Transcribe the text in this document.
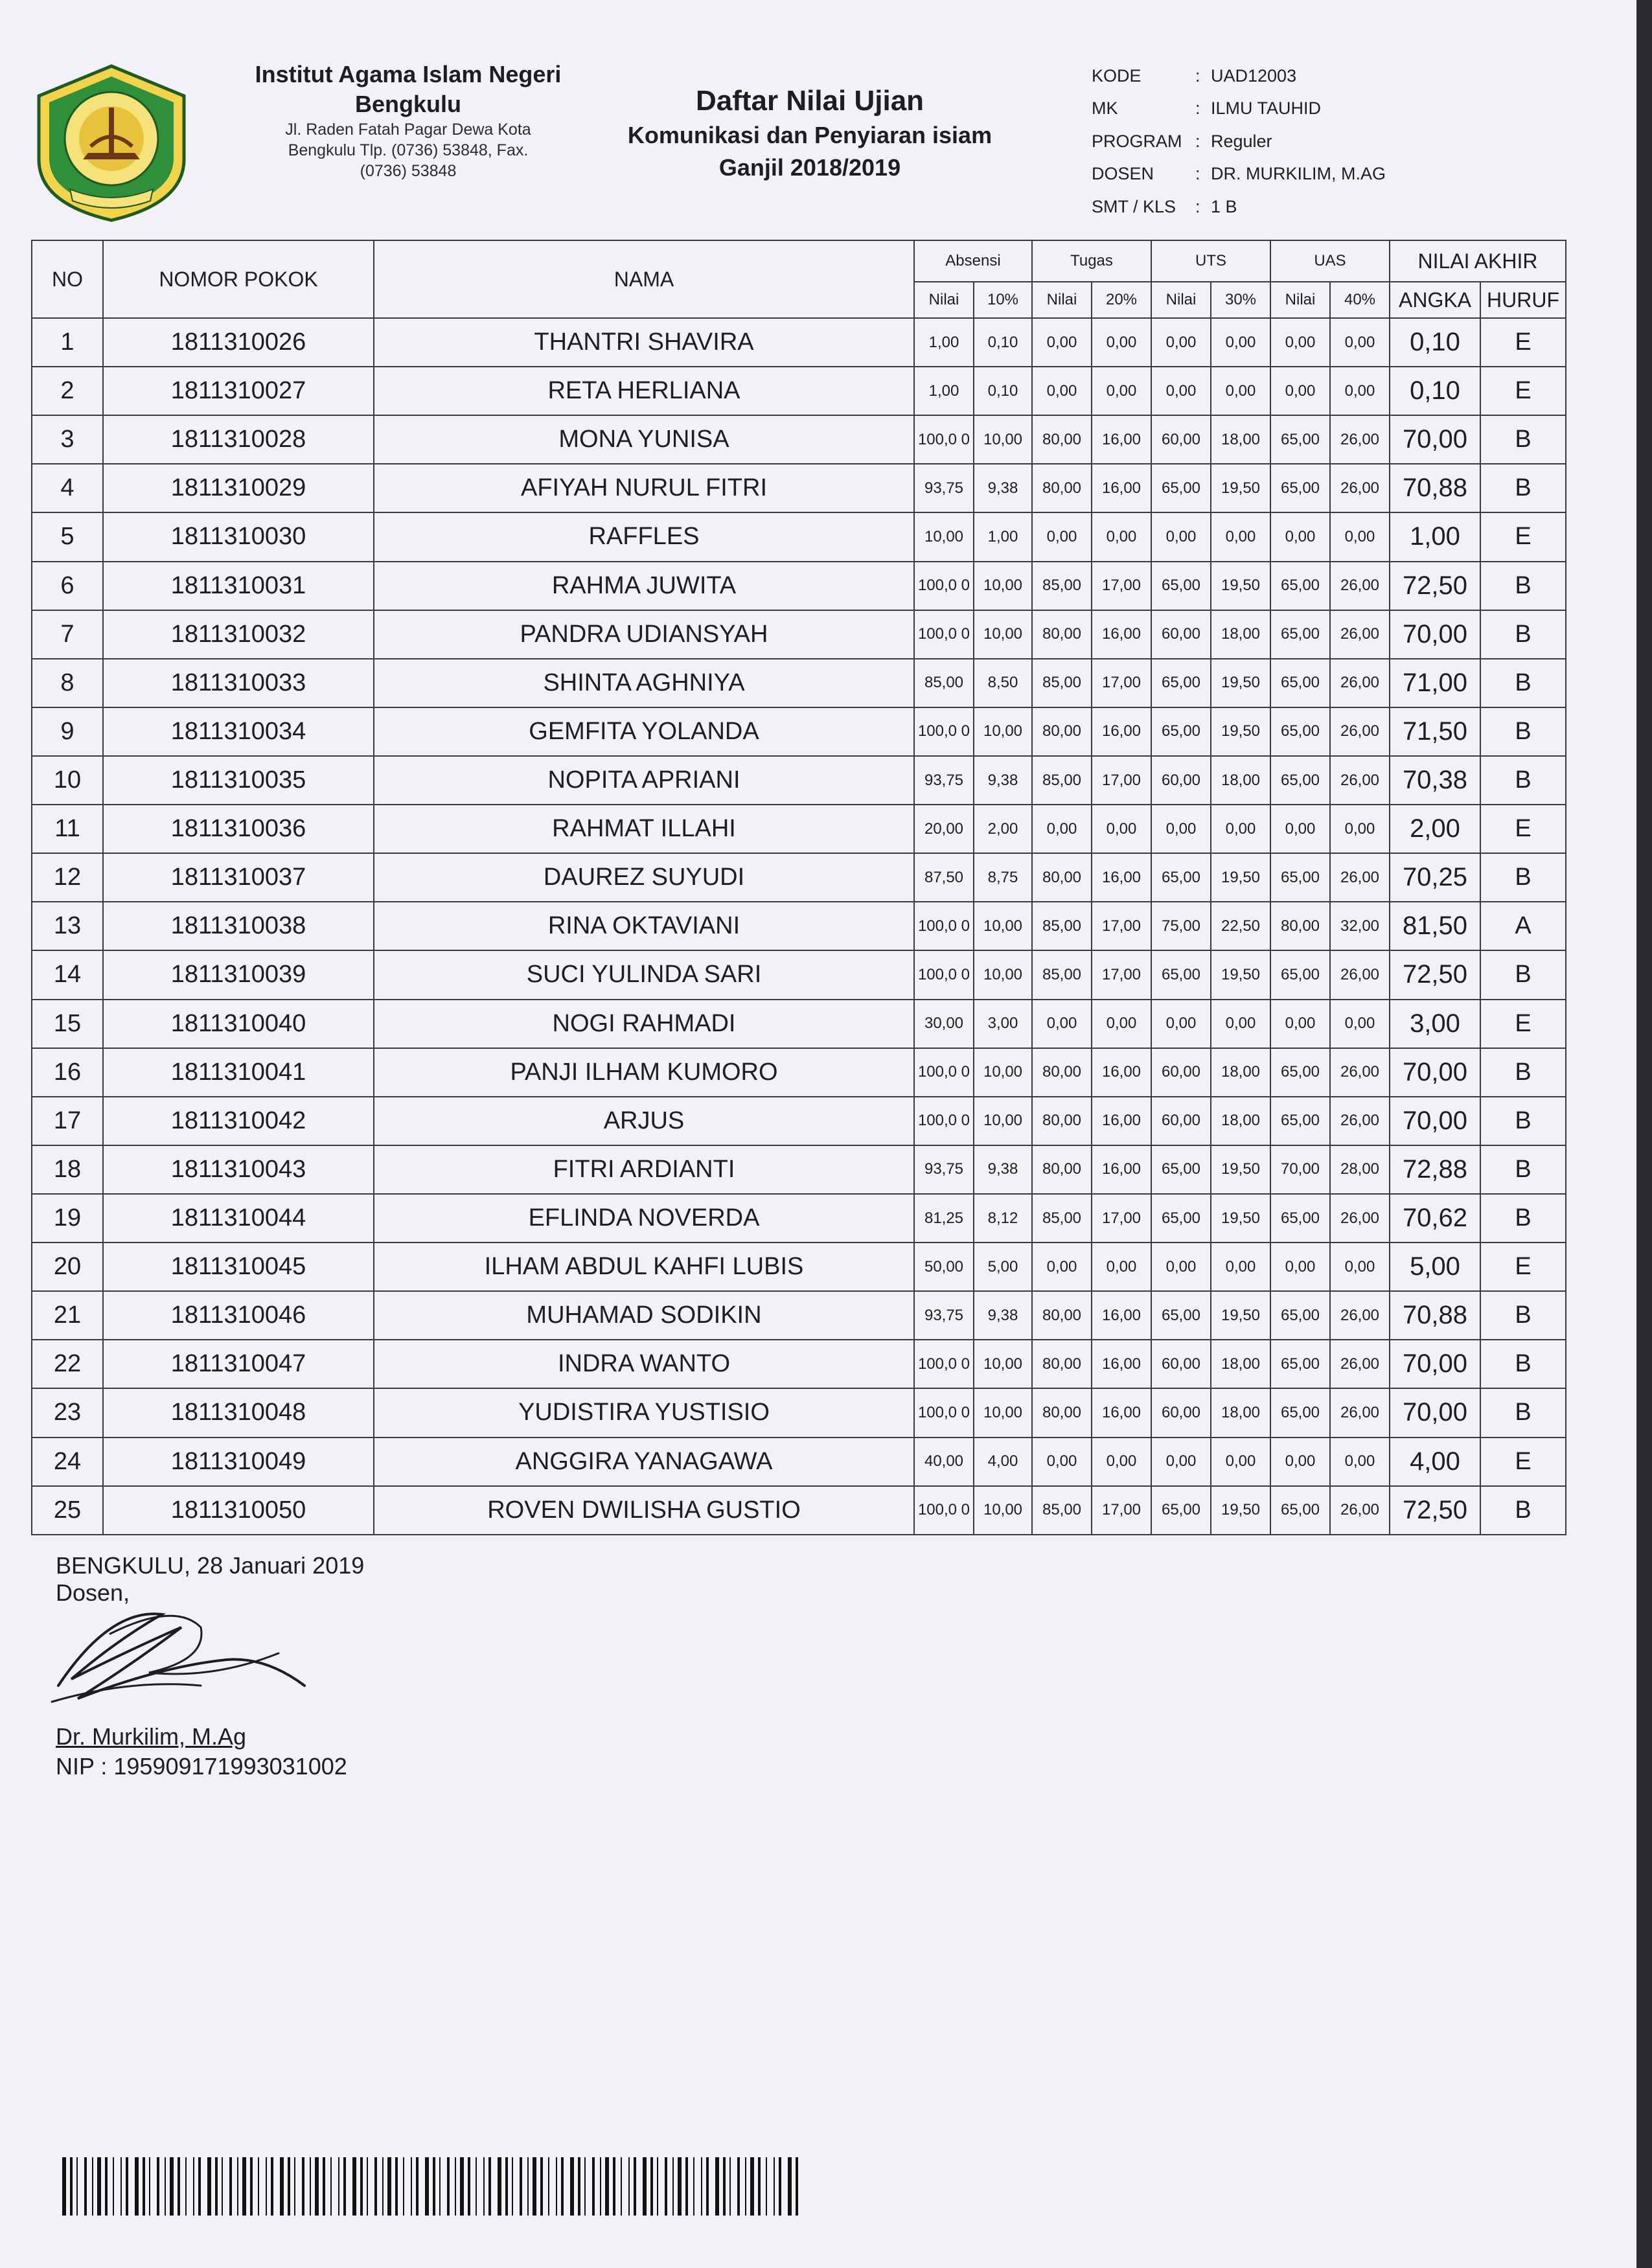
Institut Agama Islam Negeri
Bengkulu
Jl. Raden Fatah Pagar Dewa Kota
Bengkulu Tlp. (0736) 53848, Fax.
(0736) 53848
Daftar Nilai Ujian
Komunikasi dan Penyiaran isiam
Ganjil 2018/2019
KODE	: UAD12003
MK	: ILMU TAUHID
PROGRAM : Reguler
DOSEN	: DR. MURKILIM, M.AG
SMT / KLS	: 1 B
NO	NOMOR POKOK	NAMA	Absensi		Tugas		UTS		UAS		NILAI AKHIR	
			Nilai	10%	Nilai	20%	Nilai	30%	Nilai	40%	ANGKA	HURUF
1	1811310026	THANTRI SHAVIRA	1,00	0,10	0,00	0,00	0,00	0,00	0,00	0,00	0,10	E
2	1811310027	RETA HERLIANA	1,00	0,10	0,00	0,00	0,00	0,00	0,00	0,00	0,10	E
3	1811310028	MONA YUNISA	100,0 0	10,00	80,00	16,00	60,00	18,00	65,00	26,00	70,00	B
4	1811310029	AFIYAH NURUL FITRI	93,75	9,38	80,00	16,00	65,00	19,50	65,00	26,00	70,88	B
5	1811310030	RAFFLES	10,00	1,00	0,00	0,00	0,00	0,00	0,00	0,00	1,00	E
6	1811310031	RAHMA JUWITA	100,0 0	10,00	85,00	17,00	65,00	19,50	65,00	26,00	72,50	B
7	1811310032	PANDRA UDIANSYAH	100,0 0	10,00	80,00	16,00	60,00	18,00	65,00	26,00	70,00	B
8	1811310033	SHINTA AGHNIYA	85,00	8,50	85,00	17,00	65,00	19,50	65,00	26,00	71,00	B
9	1811310034	GEMFITA YOLANDA	100,0 0	10,00	80,00	16,00	65,00	19,50	65,00	26,00	71,50	B
10	1811310035	NOPITA APRIANI	93,75	9,38	85,00	17,00	60,00	18,00	65,00	26,00	70,38	B
11	1811310036	RAHMAT ILLAHI	20,00	2,00	0,00	0,00	0,00	0,00	0,00	0,00	2,00	E
12	1811310037	DAUREZ SUYUDI	87,50	8,75	80,00	16,00	65,00	19,50	65,00	26,00	70,25	B
13	1811310038	RINA OKTAVIANI	100,0 0	10,00	85,00	17,00	75,00	22,50	80,00	32,00	81,50	A
14	1811310039	SUCI YULINDA SARI	100,0 0	10,00	85,00	17,00	65,00	19,50	65,00	26,00	72,50	B
15	1811310040	NOGI RAHMADI	30,00	3,00	0,00	0,00	0,00	0,00	0,00	0,00	3,00	E
16	1811310041	PANJI ILHAM KUMORO	100,0 0	10,00	80,00	16,00	60,00	18,00	65,00	26,00	70,00	B
17	1811310042	ARJUS	100,0 0	10,00	80,00	16,00	60,00	18,00	65,00	26,00	70,00	B
18	1811310043	FITRI ARDIANTI	93,75	9,38	80,00	16,00	65,00	19,50	70,00	28,00	72,88	B
19	1811310044	EFLINDA NOVERDA	81,25	8,12	85,00	17,00	65,00	19,50	65,00	26,00	70,62	B
20	1811310045	ILHAM ABDUL KAHFI LUBIS	50,00	5,00	0,00	0,00	0,00	0,00	0,00	0,00	5,00	E
21	1811310046	MUHAMAD SODIKIN	93,75	9,38	80,00	16,00	65,00	19,50	65,00	26,00	70,88	B
22	1811310047	INDRA WANTO	100,0 0	10,00	80,00	16,00	60,00	18,00	65,00	26,00	70,00	B
23	1811310048	YUDISTIRA YUSTISIO	100,0 0	10,00	80,00	16,00	60,00	18,00	65,00	26,00	70,00	B
24	1811310049	ANGGIRA YANAGAWA	40,00	4,00	0,00	0,00	0,00	0,00	0,00	0,00	4,00	E
25	1811310050	ROVEN DWILISHA GUSTIO	100,0 0	10,00	85,00	17,00	65,00	19,50	65,00	26,00	72,50	B
BENGKULU, 28 Januari 2019
Dosen,
Dr. Murkilim, M.Ag
NIP : 195909171993031002
